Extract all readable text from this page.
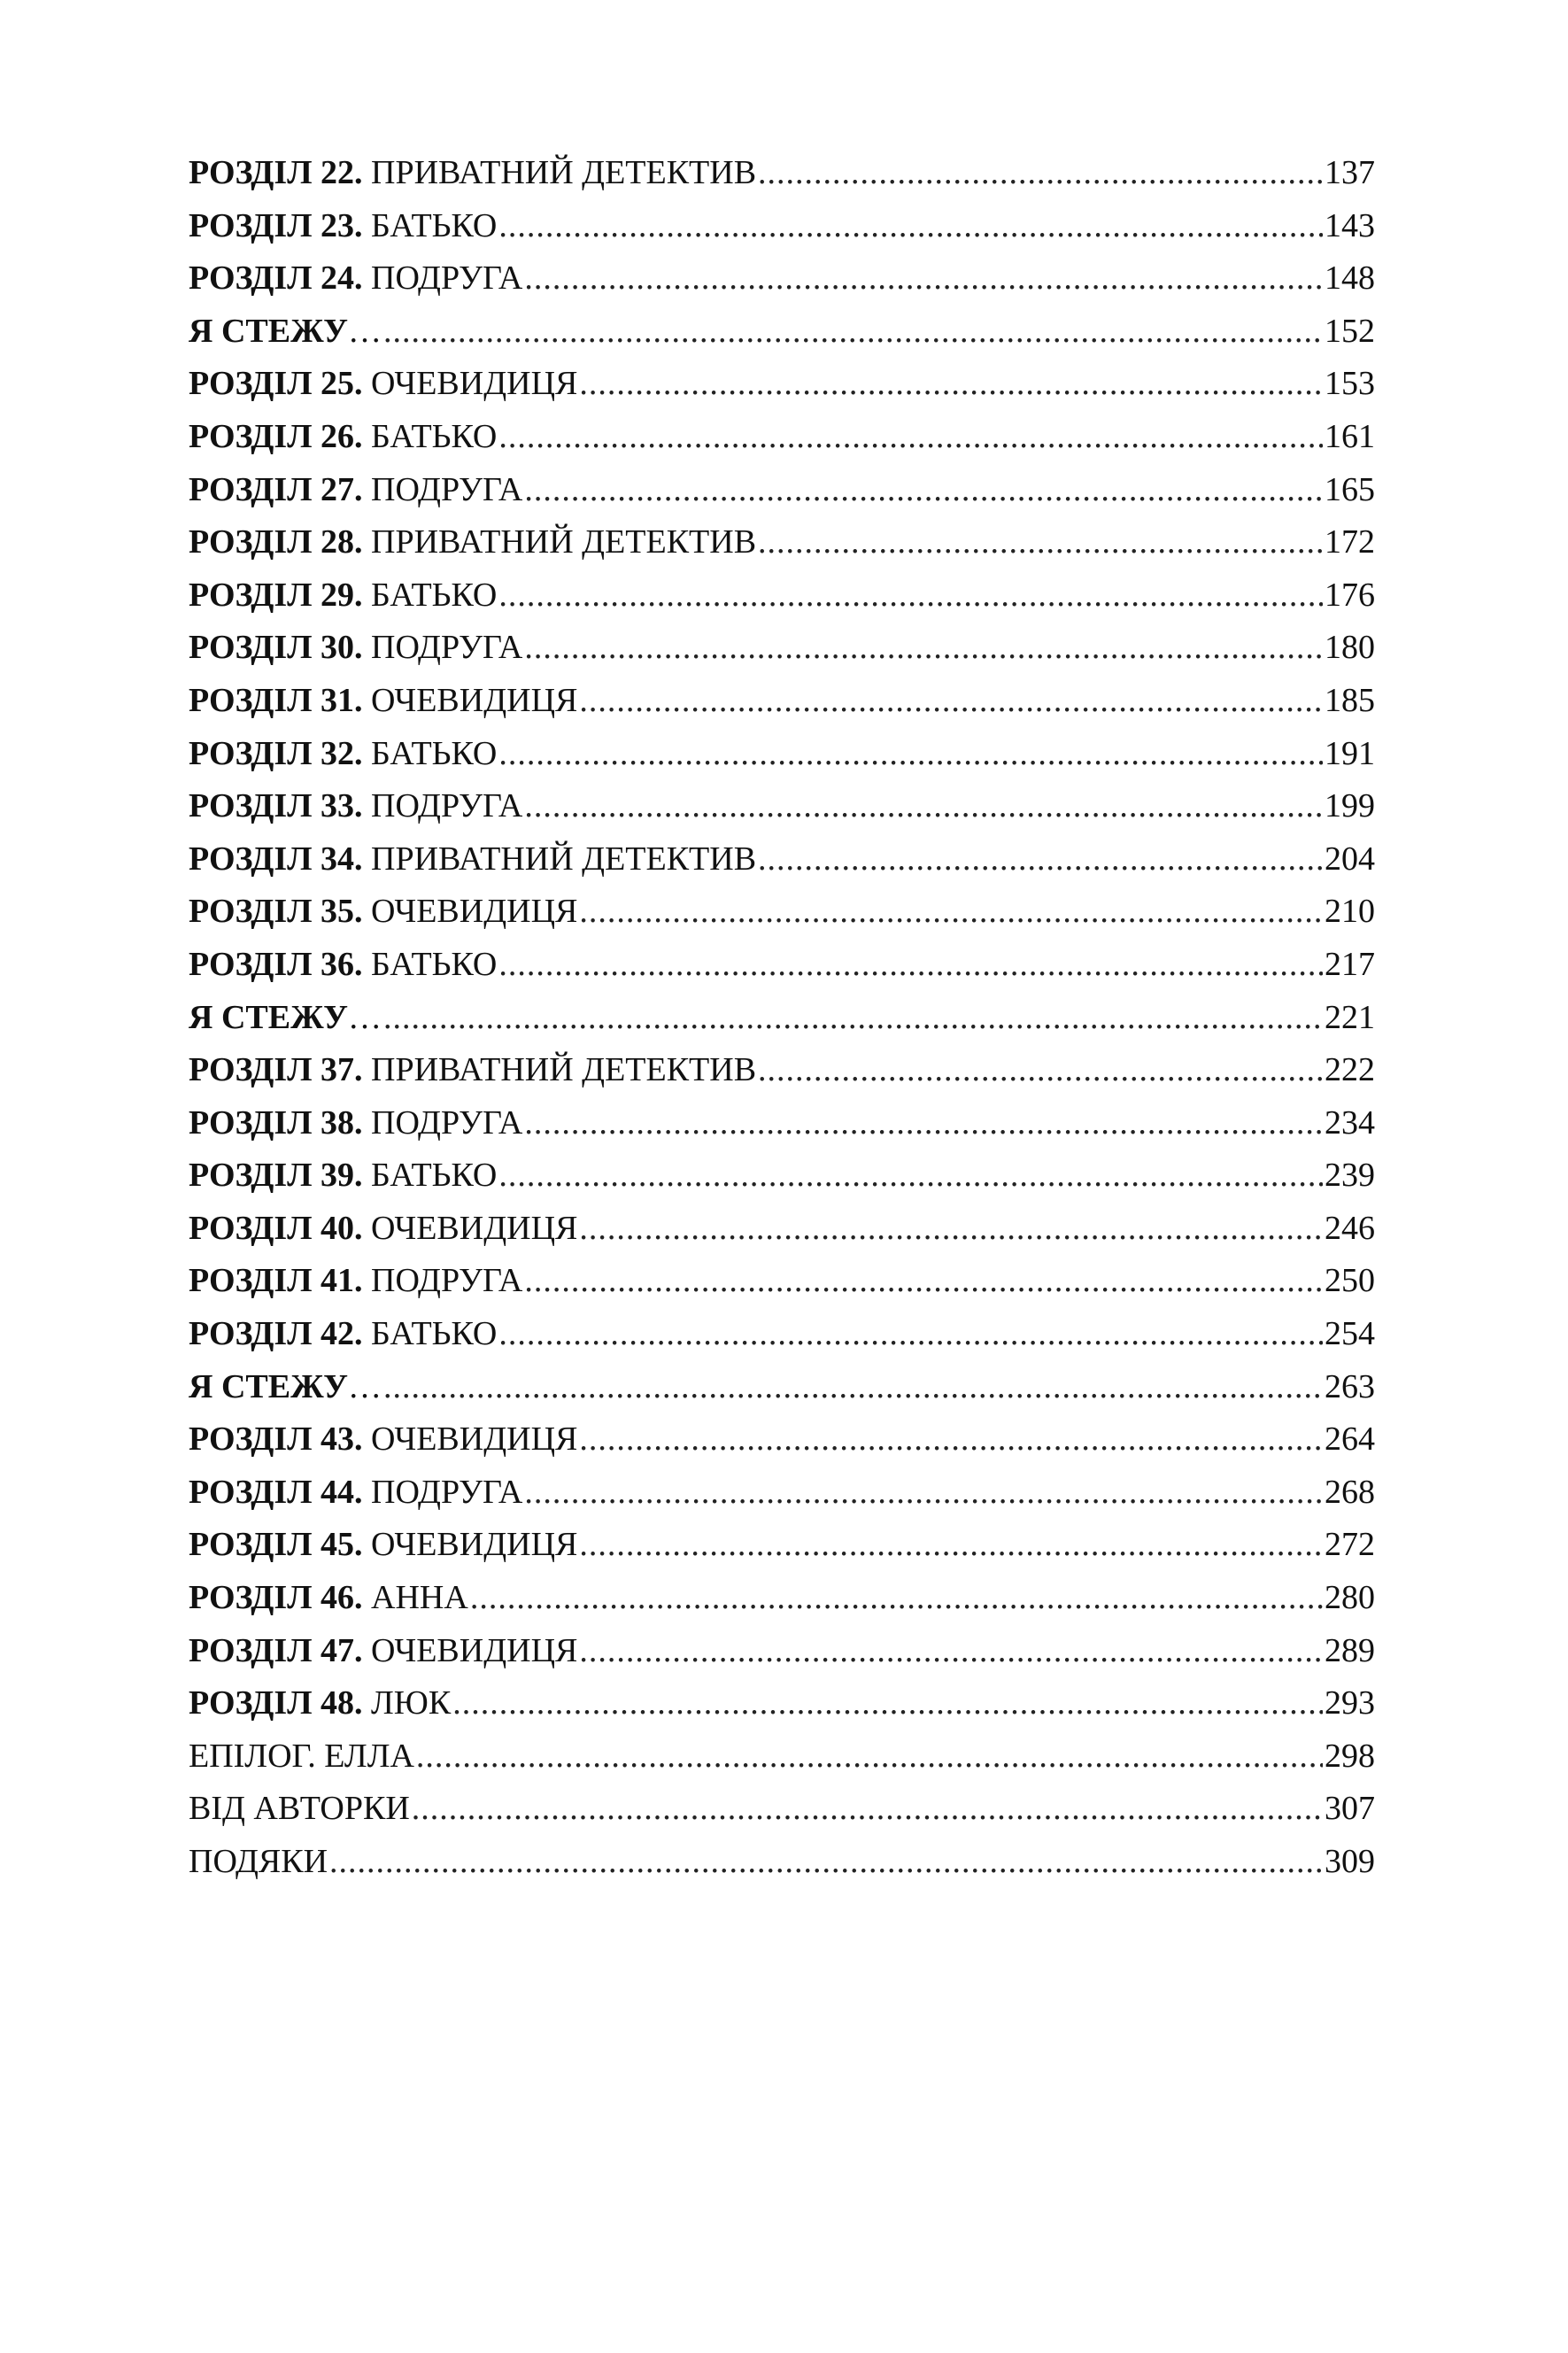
РОЗДІЛ 22. ПРИВАТНИЙ ДЕТЕКТИВ .....	137
РОЗДІЛ 23. БАТЬКО .....	143
РОЗДІЛ 24. ПОДРУГА .....	148
Я СТЕЖУ… .....	152
РОЗДІЛ 25. ОЧЕВИДИЦЯ .....	153
РОЗДІЛ 26. БАТЬКО .....	161
РОЗДІЛ 27. ПОДРУГА .....	165
РОЗДІЛ 28. ПРИВАТНИЙ ДЕТЕКТИВ .....	172
РОЗДІЛ 29. БАТЬКО .....	176
РОЗДІЛ 30. ПОДРУГА .....	180
РОЗДІЛ 31. ОЧЕВИДИЦЯ .....	185
РОЗДІЛ 32. БАТЬКО .....	191
РОЗДІЛ 33. ПОДРУГА .....	199
РОЗДІЛ 34. ПРИВАТНИЙ ДЕТЕКТИВ .....	204
РОЗДІЛ 35. ОЧЕВИДИЦЯ .....	210
РОЗДІЛ 36. БАТЬКО .....	217
Я СТЕЖУ… .....	221
РОЗДІЛ 37. ПРИВАТНИЙ ДЕТЕКТИВ .....	222
РОЗДІЛ 38. ПОДРУГА .....	234
РОЗДІЛ 39. БАТЬКО .....	239
РОЗДІЛ 40. ОЧЕВИДИЦЯ .....	246
РОЗДІЛ 41. ПОДРУГА .....	250
РОЗДІЛ 42. БАТЬКО .....	254
Я СТЕЖУ… .....	263
РОЗДІЛ 43. ОЧЕВИДИЦЯ .....	264
РОЗДІЛ 44. ПОДРУГА .....	268
РОЗДІЛ 45. ОЧЕВИДИЦЯ .....	272
РОЗДІЛ 46. АННА .....	280
РОЗДІЛ 47. ОЧЕВИДИЦЯ .....	289
РОЗДІЛ 48. ЛЮК .....	293
ЕПІЛОГ. ЕЛЛА .....	298
ВІД АВТОРКИ .....	307
ПОДЯКИ .....	309
